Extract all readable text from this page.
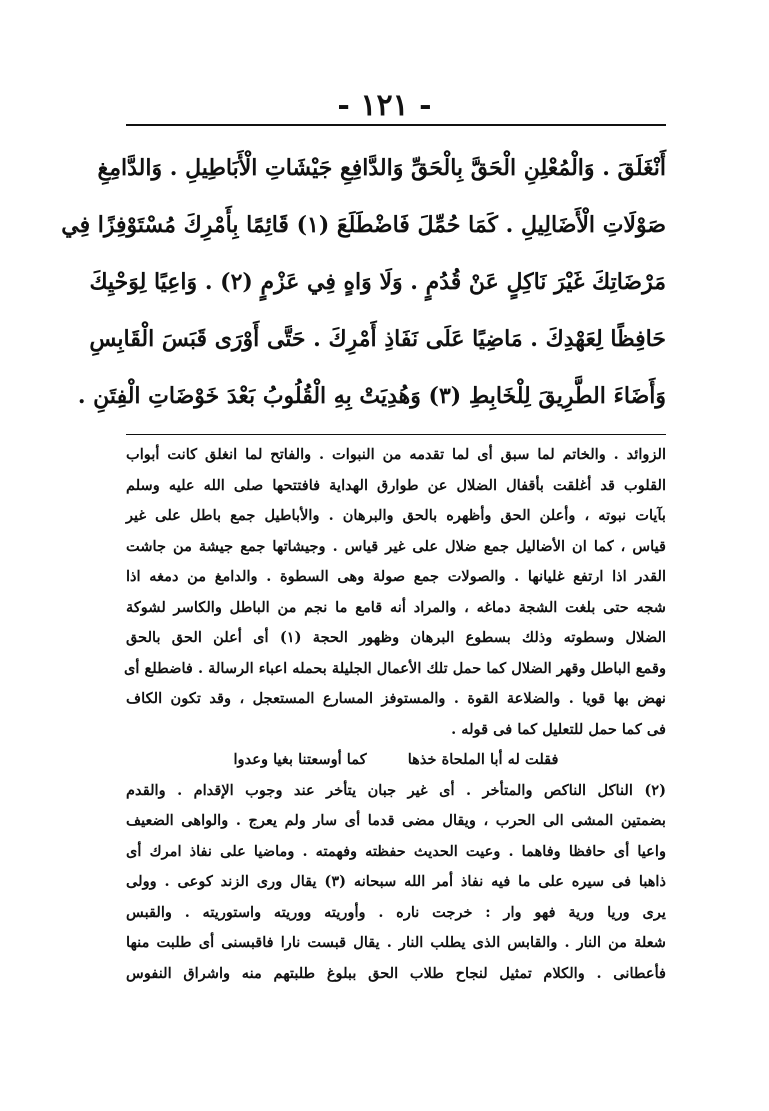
- ١٢١ -
أَنْغَلَقَ . وَالْمُعْلِنِ الْحَقَّ بِالْحَقِّ وَالدَّافِعِ جَيْشَاتِ الْأَبَاطِيلِ . وَالدَّامِغِ
صَوْلَاتِ الْأَضَالِيلِ . كَمَا حُمِّلَ فَاضْطَلَعَ (١) قَائِمًا بِأَمْرِكَ مُسْتَوْفِزًا فِي
مَرْضَاتِكَ غَيْرَ نَاكِلٍ عَنْ قُدُمٍ . وَلَا وَاهٍ فِي عَزْمٍ (٢) . وَاعِيًا لِوَحْيِكَ
حَافِظًا لِعَهْدِكَ . مَاضِيًا عَلَى نَفَاذِ أَمْرِكَ . حَتَّى أَوْرَى قَبَسَ الْقَابِسِ
وَأَضَاءَ الطَّرِيقَ لِلْخَابِطِ (٣) وَهُدِيَتْ بِهِ الْقُلُوبُ بَعْدَ خَوْضَاتِ الْفِتَنِ .
الزوائد . والخاتم لما سبق أى لما تقدمه من النبوات . والفاتح لما انغلق كانت أبواب
القلوب قد أغلقت بأقفال الضلال عن طوارق الهداية فافتتحها صلى الله عليه وسلم
بآيات نبوته ، وأعلن الحق وأظهره بالحق والبرهان . والأباطيل جمع باطل على غير
قياس ، كما ان الأضاليل جمع ضلال على غير قياس . وجيشاتها جمع جيشة من جاشت
القدر اذا ارتفع غليانها . والصولات جمع صولة وهى السطوة . والدامغ من دمغه اذا
شجه حتى بلغت الشجة دماغه ، والمراد أنه قامع ما نجم من الباطل والكاسر لشوكة
الضلال وسطوته وذلك بسطوع البرهان وظهور الحجة (١) أى أعلن الحق بالحق
وقمع الباطل وقهر الضلال كما حمل تلك الأعمال الجليلة بحمله اعباء الرسالة . فاضطلع أى
نهض بها قويا . والضلاعة القوة . والمستوفز المسارع المستعجل ، وقد تكون الكاف
فى كما حمل للتعليل كما فى قوله .
فقلت له أبا الملحاة خذها كما أوسعتنا بغيا وعدوا
(٢) الناكل الناكص والمتأخر . أى غير جبان يتأخر عند وجوب الإقدام . والقدم
بضمتين المشى الى الحرب ، ويقال مضى قدما أى سار ولم يعرج . والواهى الضعيف
واعيا أى حافظا وفاهما . وعيت الحديث حفظته وفهمته . وماضيا على نفاذ امرك أى
ذاهبا فى سيره على ما فيه نفاذ أمر الله سبحانه (٣) يقال ورى الزند كوعى . وولى
يرى وريا ورية فهو وار : خرجت ناره . وأوريته ووريته واستوريته . والقبس
شعلة من النار . والقابس الذى يطلب النار . يقال قبست نارا فاقبسنى أى طلبت منها
فأعطانى . والكلام تمثيل لنجاح طلاب الحق ببلوغ طلبتهم منه واشراق النفوس
